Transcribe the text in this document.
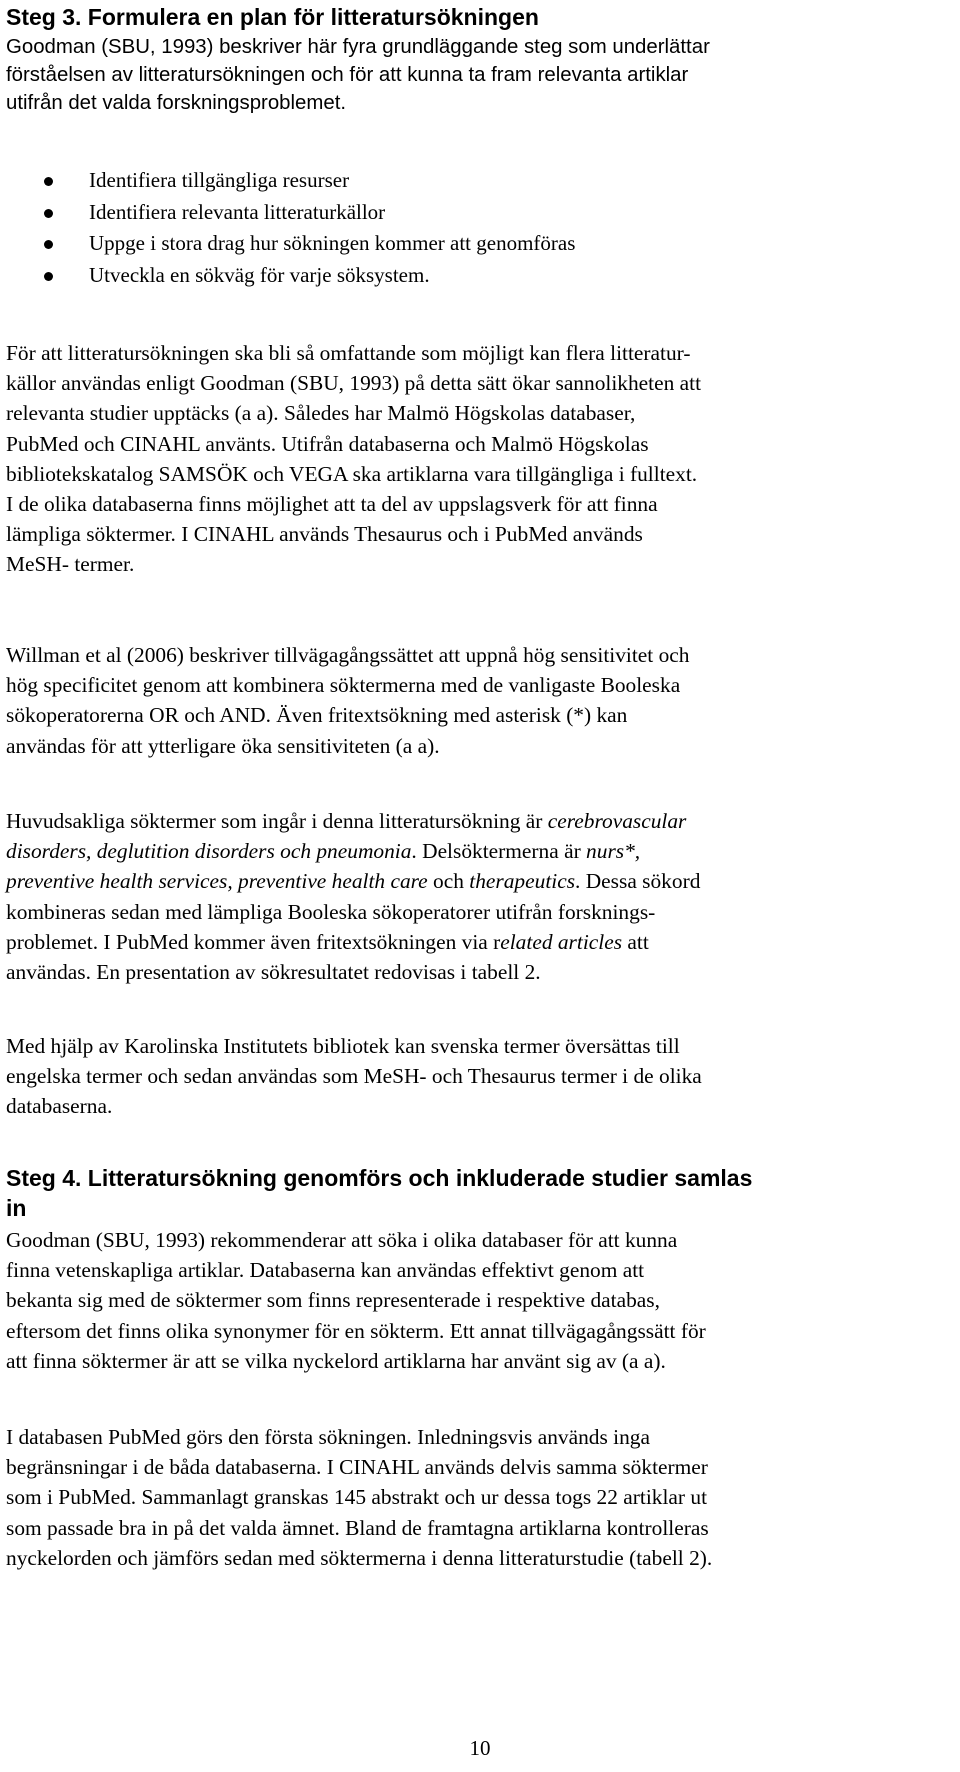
Steg 3. Formulera en plan för litteratursökningen
Goodman (SBU, 1993) beskriver här fyra grundläggande steg som underlättar
förståelsen av litteratursökningen och för att kunna ta fram relevanta artiklar
utifrån det valda forskningsproblemet.
Identifiera tillgängliga resurser
Identifiera relevanta litteraturkällor
Uppge i stora drag hur sökningen kommer att genomföras
Utveckla en sökväg för varje söksystem.
För att litteratursökningen ska bli så omfattande som möjligt kan flera litteratur-
källor användas enligt Goodman (SBU, 1993) på detta sätt ökar sannolikheten att
relevanta studier upptäcks (a a). Således har Malmö Högskolas databaser,
PubMed och CINAHL använts. Utifrån databaserna och Malmö Högskolas
bibliotekskatalog SAMSÖK och VEGA ska artiklarna vara tillgängliga i fulltext.
I de olika databaserna finns möjlighet att ta del av uppslagsverk för att finna
lämpliga söktermer. I CINAHL används Thesaurus och i PubMed används
MeSH- termer.
Willman et al (2006) beskriver tillvägagångssättet att uppnå hög sensitivitet och
hög specificitet genom att kombinera söktermerna med de vanligaste Booleska
sökoperatorerna OR och AND. Även fritextsökning med asterisk (*) kan
användas för att ytterligare öka sensitiviteten (a a).
Huvudsakliga söktermer som ingår i denna litteratursökning är cerebrovascular
disorders, deglutition disorders och pneumonia. Delsöktermerna är nurs*,
preventive health services, preventive health care och therapeutics. Dessa sökord
kombineras sedan med lämpliga Booleska sökoperatorer utifrån forsknings-
problemet. I PubMed kommer även fritextsökningen via related articles att
användas. En presentation av sökresultatet redovisas i tabell 2.
Med hjälp av Karolinska Institutets bibliotek kan svenska termer översättas till
engelska termer och sedan användas som MeSH- och Thesaurus termer i de olika
databaserna.
Steg 4. Litteratursökning genomförs och inkluderade studier samlas
in
Goodman (SBU, 1993) rekommenderar att söka i olika databaser för att kunna
finna vetenskapliga artiklar. Databaserna kan användas effektivt genom att
bekanta sig med de söktermer som finns representerade i respektive databas,
eftersom det finns olika synonymer för en sökterm. Ett annat tillvägagångssätt för
att finna söktermer är att se vilka nyckelord artiklarna har använt sig av (a a).
I databasen PubMed görs den första sökningen. Inledningsvis används inga
begränsningar i de båda databaserna. I CINAHL används delvis samma söktermer
som i PubMed. Sammanlagt granskas 145 abstrakt och ur dessa togs 22 artiklar ut
som passade bra in på det valda ämnet. Bland de framtagna artiklarna kontrolleras
nyckelorden och jämförs sedan med söktermerna i denna litteraturstudie (tabell 2).
10
